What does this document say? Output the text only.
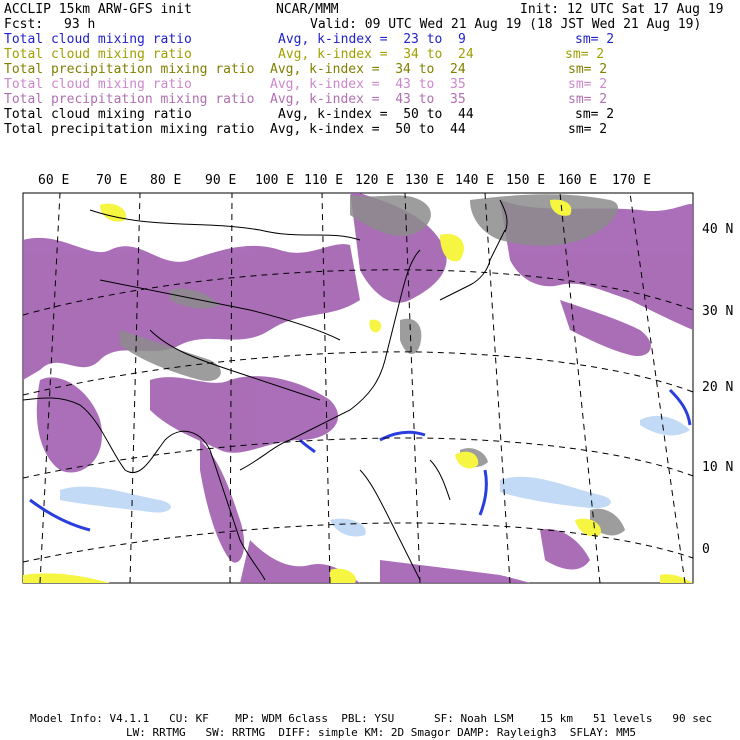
ACCLIP 15km ARW-GFS init	NCAR/MMM	Init: 12 UTC Sat 17 Aug 19
Fcst: 93 h	Valid: 09 UTC Wed 21 Aug 19 (18 JST Wed 21 Aug 19)
Total cloud mixing ratio	Avg, k-index =  23 to  9	sm= 2
Total cloud mixing ratio	Avg, k-index =  34 to  24	sm= 2
Total precipitation mixing ratio Avg, k-index =  34 to  24	sm= 2
Total cloud mixing ratio	Avg, k-index =  43 to  35	sm= 2
Total precipitation mixing ratio Avg, k-index =  43 to  35	sm= 2
Total cloud mixing ratio	Avg, k-index =  50 to  44	sm= 2
Total precipitation mixing ratio Avg, k-index =  50 to  44	sm= 2
60 E 70 E 80 E 90 E 100 E 110 E 120 E 130 E 140 E 150 E 160 E 170 E
40 N
30 N
20 N
10 N
0
Model Info: V4.1.1   CU: KF    MP: WDM 6class  PBL: YSU      SF: Noah LSM    15 km   51 levels   90 sec
LW: RRTMG   SW: RRTMG  DIFF: simple KM: 2D Smagor DAMP: Rayleigh3  SFLAY: MM5
